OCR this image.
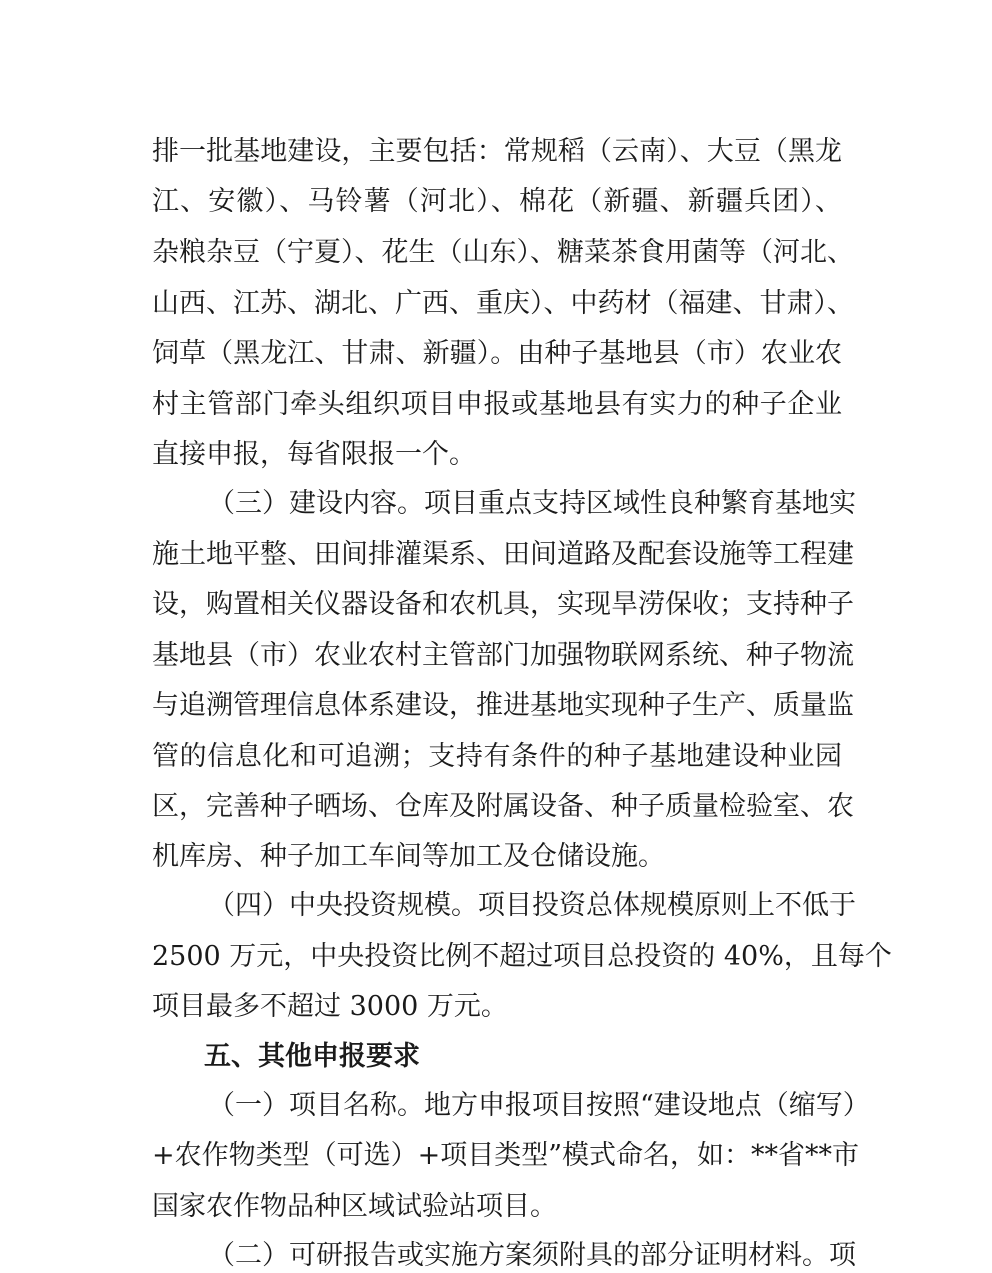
排一批基地建设，主要包括：常规稻（云南）、大豆（黑龙

江、安徽）、马铃薯（河北）、棉花（新疆、新疆兵团）、

杂粮杂豆（宁夏）、花生（山东）、糖菜茶食用菌等（河北、

山西、江苏、湖北、广西、重庆）、中药材（福建、甘肃）、

饲草（黑龙江、甘肃、新疆）。由种子基地县（市）农业农

村主管部门牵头组织项目申报或基地县有实力的种子企业

直接申报，每省限报一个。

（三）建设内容。项目重点支持区域性良种繁育基地实

施土地平整、田间排灌渠系、田间道路及配套设施等工程建

设，购置相关仪器设备和农机具，实现旱涝保收；支持种子

基地县（市）农业农村主管部门加强物联网系统、种子物流

与追溯管理信息体系建设，推进基地实现种子生产、质量监

管的信息化和可追溯；支持有条件的种子基地建设种业园

区，完善种子晒场、仓库及附属设备、种子质量检验室、农

机库房、种子加工车间等加工及仓储设施。

（四）中央投资规模。项目投资总体规模原则上不低于

2500 万元，中央投资比例不超过项目总投资的 40%，且每个

项目最多不超过 3000 万元。

五、其他申报要求

（一）项目名称。地方申报项目按照“建设地点（缩写）

+农作物类型（可选）+项目类型”模式命名，如：**省**市

国家农作物品种区域试验站项目。

（二）可研报告或实施方案须附具的部分证明材料。项
